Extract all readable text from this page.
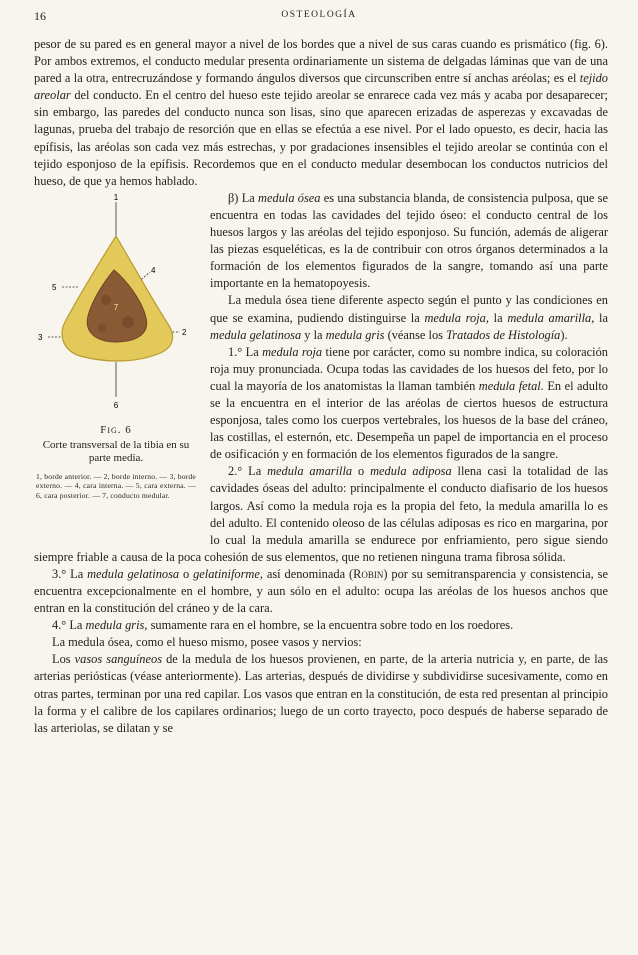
16	OSTEOLOGÍA

pesor de su pared es en general mayor a nivel de los bordes que a nivel de sus caras cuando es prismático (fig. 6). Por ambos extremos, el conducto medular presenta ordinariamente un sistema de delgadas láminas que van de una pared a la otra, entrecruzándose y formando ángulos diversos que circunscriben entre sí anchas aréolas; es el tejido areolar del conducto. En el centro del hueso este tejido areolar se enrarece cada vez más y acaba por desaparecer; sin embargo, las paredes del conducto nunca son lisas, sino que aparecen erizadas de asperezas y excavadas de lagunas, prueba del trabajo de resorción que en ellas se efectúa a ese nivel. Por el lado opuesto, es decir, hacia las epífisis, las aréolas son cada vez más estrechas, y por gradaciones insensibles el tejido areolar se continúa con el tejido esponjoso de la epífisis. Recordemos que en el conducto medular desembocan los conductos nutricios del hueso, de que ya hemos hablado.

1
2
3
4
5
6
7
Fig. 6
Corte transversal de la tibia en su parte media.
1, borde anterior. — 2, borde interno. — 3, borde externo. — 4, cara interna. — 5, cara externa. — 6, cara posterior. — 7, conducto medular.

β) La medula ósea es una substancia blanda, de consistencia pulposa, que se encuentra en todas las cavidades del tejido óseo: el conducto central de los huesos largos y las aréolas del tejido esponjoso. Su función, además de aligerar las piezas esqueléticas, es la de contribuir con otros órganos determinados a la formación de los elementos figurados de la sangre, tomando así una parte importante en la hematopoyesis.

La medula ósea tiene diferente aspecto según el punto y las condiciones en que se examina, pudiendo distinguirse la medula roja, la medula amarilla, la medula gelatinosa y la medula gris (véanse los Tratados de Histología).

1.° La medula roja tiene por carácter, como su nombre indica, su coloración roja muy pronunciada. Ocupa todas las cavidades de los huesos del feto, por lo cual la mayoría de los anatomistas la llaman también medula fetal. En el adulto se la encuentra en el interior de las aréolas de ciertos huesos de estructura esponjosa, tales como los cuerpos vertebrales, los huesos de la base del cráneo, las costillas, el esternón, etc. Desempeña un papel de importancia en el proceso de osificación y en formación de los elementos figurados de la sangre.

2.° La medula amarilla o medula adiposa llena casi la totalidad de las cavidades óseas del adulto: principalmente el conducto diafisario de los huesos largos. Así como la medula roja es la propia del feto, la medula amarilla lo es del adulto. El contenido oleoso de las células adiposas es rico en margarina, por lo cual la medula amarilla se endurece por enfriamiento, pero sigue siendo siempre friable a causa de la poca cohesión de sus elementos, que no retienen ninguna trama fibrosa sólida.

3.° La medula gelatinosa o gelatiniforme, así denominada (Robin) por su semitransparencia y consistencia, se encuentra excepcionalmente en el hombre, y aun sólo en el adulto: ocupa las aréolas de los huesos anchos que entran en la constitución del cráneo y de la cara.

4.° La medula gris, sumamente rara en el hombre, se la encuentra sobre todo en los roedores.

La medula ósea, como el hueso mismo, posee vasos y nervios:

Los vasos sanguíneos de la medula de los huesos provienen, en parte, de la arteria nutricia y, en parte, de las arterias periósticas (véase anteriormente). Las arterias, después de dividirse y subdividirse sucesivamente, como en otras partes, terminan por una red capilar. Los vasos que entran en la constitución, de esta red presentan al principio la forma y el calibre de los capilares ordinarios; luego de un corto trayecto, poco después de haberse separado de las arteriolas, se dilatan y se
